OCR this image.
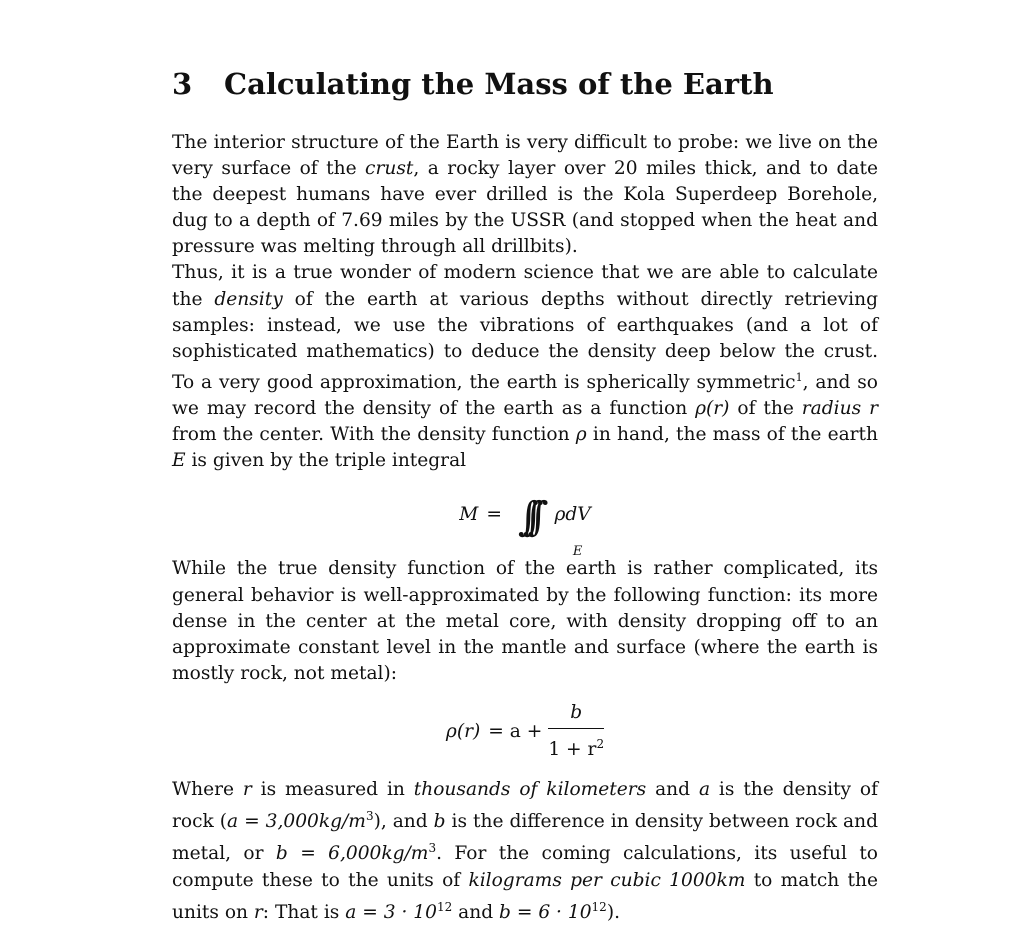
3 Calculating the Mass of the Earth

The interior structure of the Earth is very difficult to probe: we live on the very surface of the crust, a rocky layer over 20 miles thick, and to date the deepest humans have ever drilled is the Kola Superdeep Borehole, dug to a depth of 7.69 miles by the USSR (and stopped when the heat and pressure was melting through all drillbits).

Thus, it is a true wonder of modern science that we are able to calculate the density of the earth at various depths without directly retrieving samples: instead, we use the vibrations of earthquakes (and a lot of sophisticated mathematics) to deduce the density deep below the crust. To a very good approximation, the earth is spherically symmetric$^1$, and so we may record the density of the earth as a function ρ(r) of the radius r from the center. With the density function ρ in hand, the mass of the earth E is given by the triple integral

M = ∫∫∫
E
ρdV

While the true density function of the earth is rather complicated, its general behavior is well-approximated by the following function: its more dense in the center at the metal core, with density dropping off to an approximate constant level in the mantle and surface (where the earth is mostly rock, not metal):

$\rho(r) = a + \frac{b}{1 + r^2}$

Where r is measured in thousands of kilometers and a is the density of rock $(a = 3,000kg/m^3)$, and b is the difference in density between rock and metal, or $b = 6,000kg/m^3$. For the coming calculations, its useful to compute these to the units of kilograms per cubic 1000km to match the units on r: That is $a = 3 \cdot 10^{12}$ and $b = 6 \cdot 10^{12}$).
